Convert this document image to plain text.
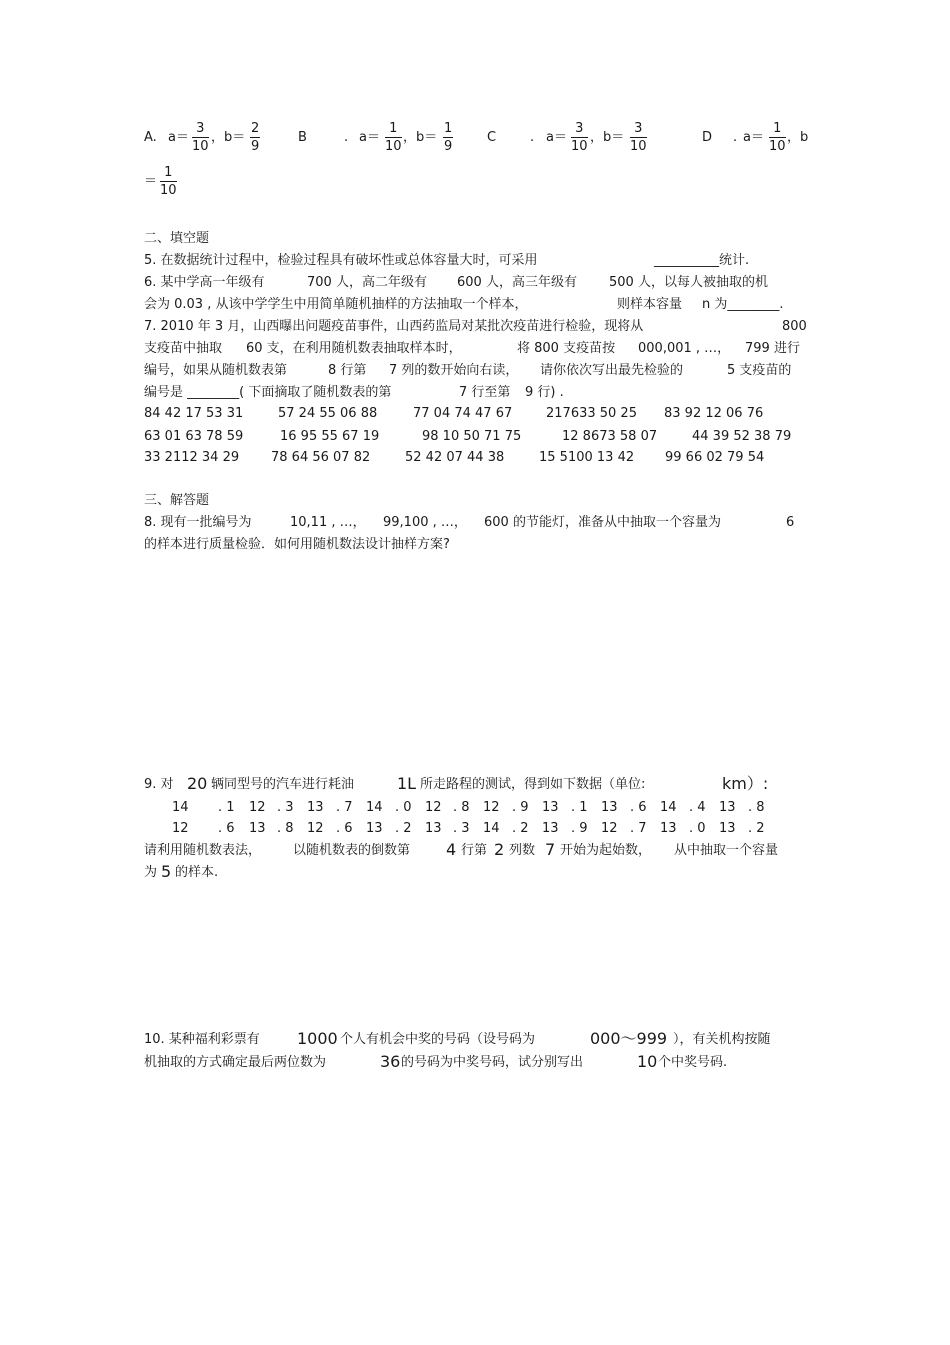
A. $a= \frac{3}{10}$ ，$b= \frac{2}{9}$	B	. $a= \frac{1}{10}$ ，$b= \frac{1}{9}$	C	. $a= \frac{3}{10}$ ，$b= \frac{3}{10}$	D . $a= \frac{1}{10}$ ，b
＝ $\frac{1}{10}$
二、填空题
5. 在数据统计过程中，检验过程具有破坏性或总体容量大时，可采用	__________统计.
6. 某中学高一年级有	700 人，高二年级有 600 人，高三年级有 500 人，以每人被抽取的机
会为 0.03 , 从该中学学生中用简单随机抽样的方法抽取一个样本，	则样本容量 n 为________.
7. 2010 年 3 月，山西曝出问题疫苗事件，山西药监局对某批次疫苗进行检验，现将从	800
支疫苗中抽取 60 支，在利用随机数表抽取样本时，	将 800 支疫苗按 000,001 , …， 799 进行
编号，如果从随机数表第	8 行第 7 列的数开始向右读， 请你依次写出最先检验的	5 支疫苗的
编号是 ________( 下面摘取了随机数表的第	7 行至第 9 行) .
84 42 17 53 31	57 24 55 06 88	77 04 74 47 67	217633 50 25 83 92 12 06 76
63 01 63 78 59	16 95 55 67 19	98 10 50 71 75	12 8673 58 07	44 39 52 38 79
33 2112 34 29 78 64 56 07 82	52 42 07 44 38	15 5100 13 42 99 66 02 79 54
三、解答题
8. 现有一批编号为	10,11 , …， 99,100 , …， 600 的节能灯，准备从中抽取一个容量为	6
的样本进行质量检验．如何用随机数法设计抽样方案?
9. 对 20 辆同型号的汽车进行耗油	1L 所走路程的测试，得到如下数据（单位:	km）:
14 . 1 12 . 3 13 . 7 14 . 0 12 . 8 12 . 9 13 . 1 13 . 6 14 . 4 13 . 8
12 . 6 13 . 8 12 . 6 13 . 2 13 . 3 14 . 2 13 . 9 12 . 7 13 . 0 13 . 2
请利用随机数表法， 以随机数表的倒数第 4 行第 2 列数 7 开始为起始数， 从中抽取一个容量
为 5 的样本.
10. 某种福利彩票有 1000 个人有机会中奖的号码（设号码为	000～999 ），有关机构按随
机抽取的方式确定最后两位数为	36 的号码为中奖号码，试分别写出	10 个中奖号码.
